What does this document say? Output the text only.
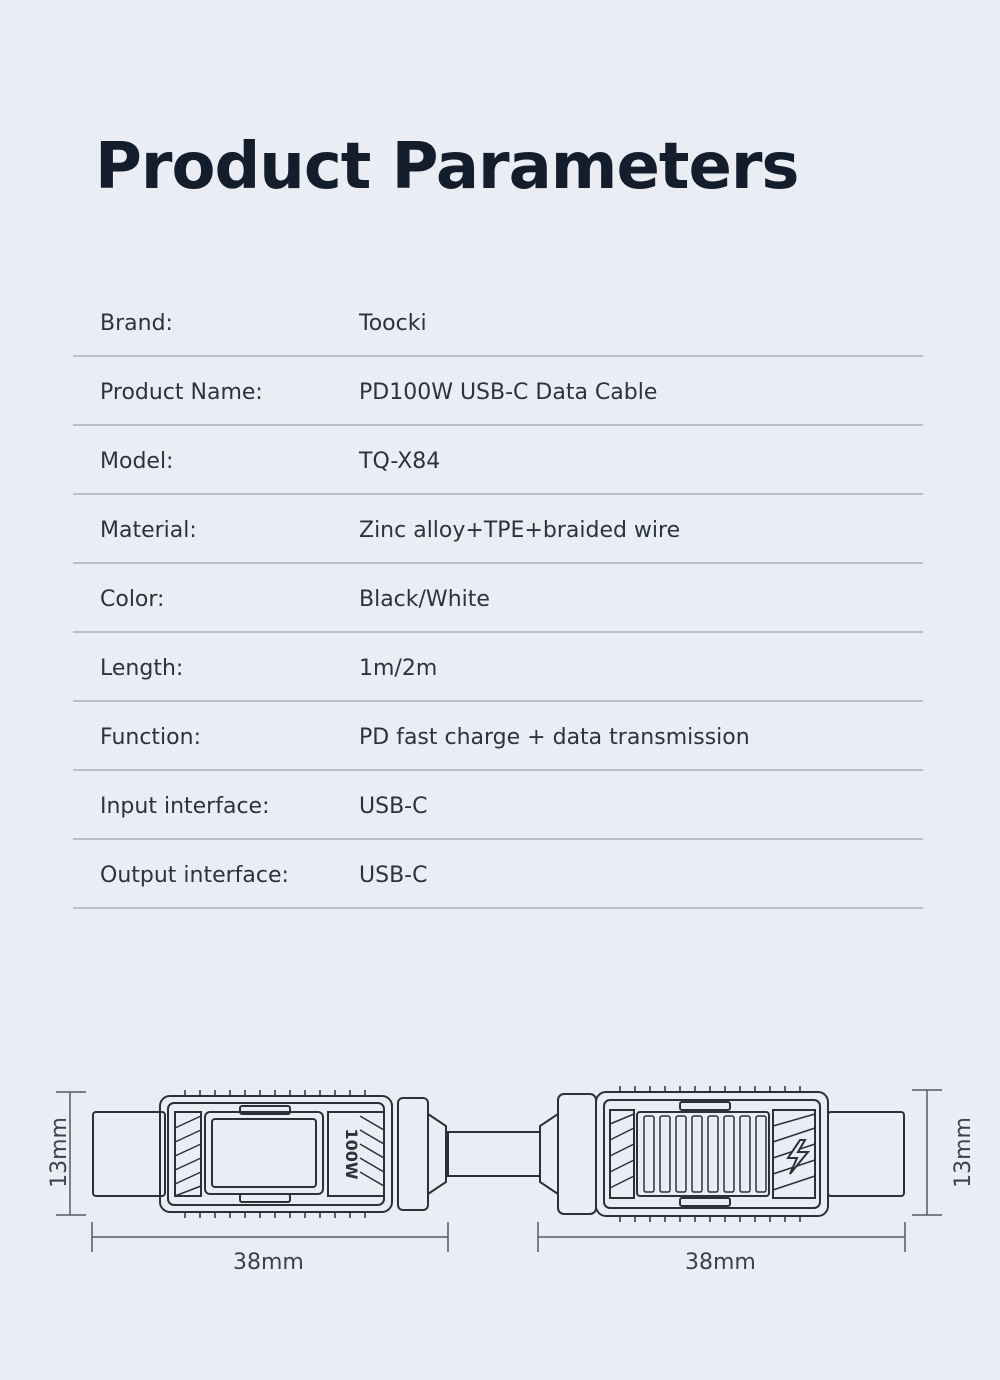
Product Parameters
Brand:	Toocki
Product Name:	PD100W USB-C Data Cable
Model:	TQ-X84
Material:	Zinc alloy+TPE+braided wire
Color:	Black/White
Length:	1m/2m
Function:	PD fast charge + data transmission
Input interface:	USB-C
Output interface:	USB-C
100W
38mm	38mm
13mm	13mm
